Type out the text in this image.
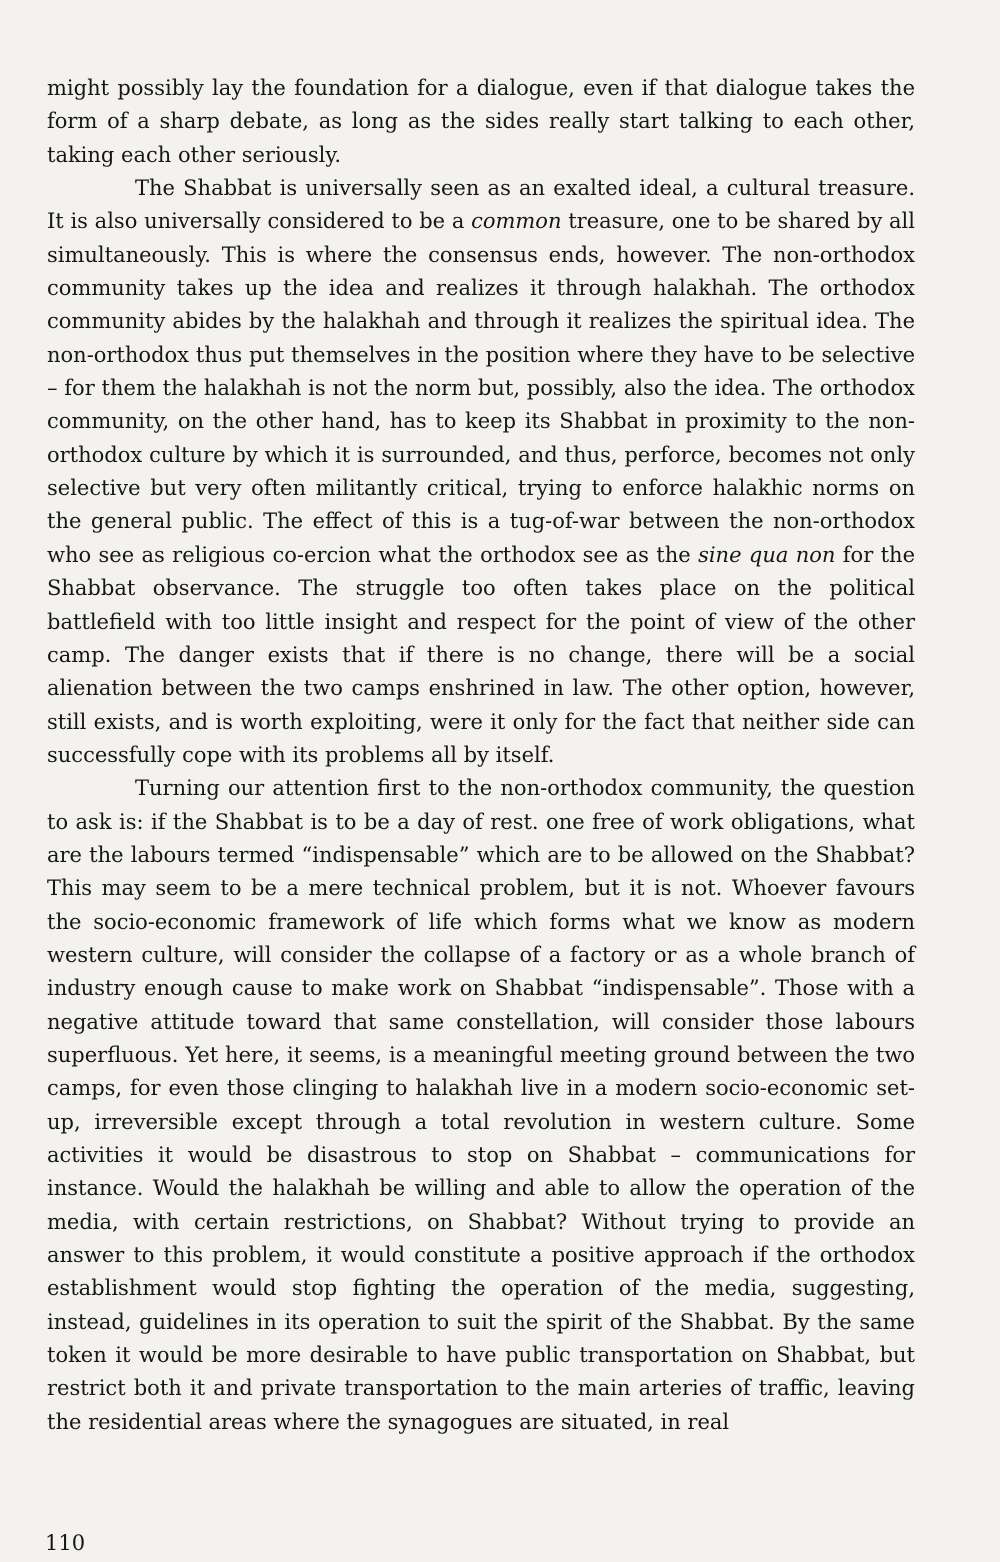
might possibly lay the foundation for a dialogue, even if that dialogue takes the form of a sharp debate, as long as the sides really start talking to each other, taking each other seriously.

The Shabbat is universally seen as an exalted ideal, a cultural treasure. It is also universally considered to be a common treasure, one to be shared by all simultaneously. This is where the consensus ends, however. The non-orthodox community takes up the idea and realizes it through halakhah. The orthodox community abides by the halakhah and through it realizes the spiritual idea. The non-orthodox thus put themselves in the position where they have to be selective – for them the halakhah is not the norm but, possibly, also the idea. The orthodox community, on the other hand, has to keep its Shabbat in proximity to the non-orthodox culture by which it is surrounded, and thus, perforce, becomes not only selective but very often militantly critical, trying to enforce halakhic norms on the general public. The effect of this is a tug-of-war between the non-orthodox who see as religious co-ercion what the orthodox see as the sine qua non for the Shabbat observance. The struggle too often takes place on the political battlefield with too little insight and respect for the point of view of the other camp. The danger exists that if there is no change, there will be a social alienation between the two camps enshrined in law. The other option, however, still exists, and is worth exploiting, were it only for the fact that neither side can successfully cope with its problems all by itself.

Turning our attention first to the non-orthodox community, the question to ask is: if the Shabbat is to be a day of rest. one free of work obligations, what are the labours termed “indispensable” which are to be allowed on the Shabbat? This may seem to be a mere technical problem, but it is not. Whoever favours the socio-economic framework of life which forms what we know as modern western culture, will consider the collapse of a factory or as a whole branch of industry enough cause to make work on Shabbat “indispensable”. Those with a negative attitude toward that same constellation, will consider those labours superfluous. Yet here, it seems, is a meaningful meeting ground between the two camps, for even those clinging to halakhah live in a modern socio-economic set-up, irreversible except through a total revolution in western culture. Some activities it would be disastrous to stop on Shabbat – communications for instance. Would the halakhah be willing and able to allow the operation of the media, with certain restrictions, on Shabbat? Without trying to provide an answer to this problem, it would constitute a positive approach if the orthodox establishment would stop fighting the operation of the media, suggesting, instead, guidelines in its operation to suit the spirit of the Shabbat. By the same token it would be more desirable to have public transportation on Shabbat, but restrict both it and private transportation to the main arteries of traffic, leaving the residential areas where the synagogues are situated, in real

110
